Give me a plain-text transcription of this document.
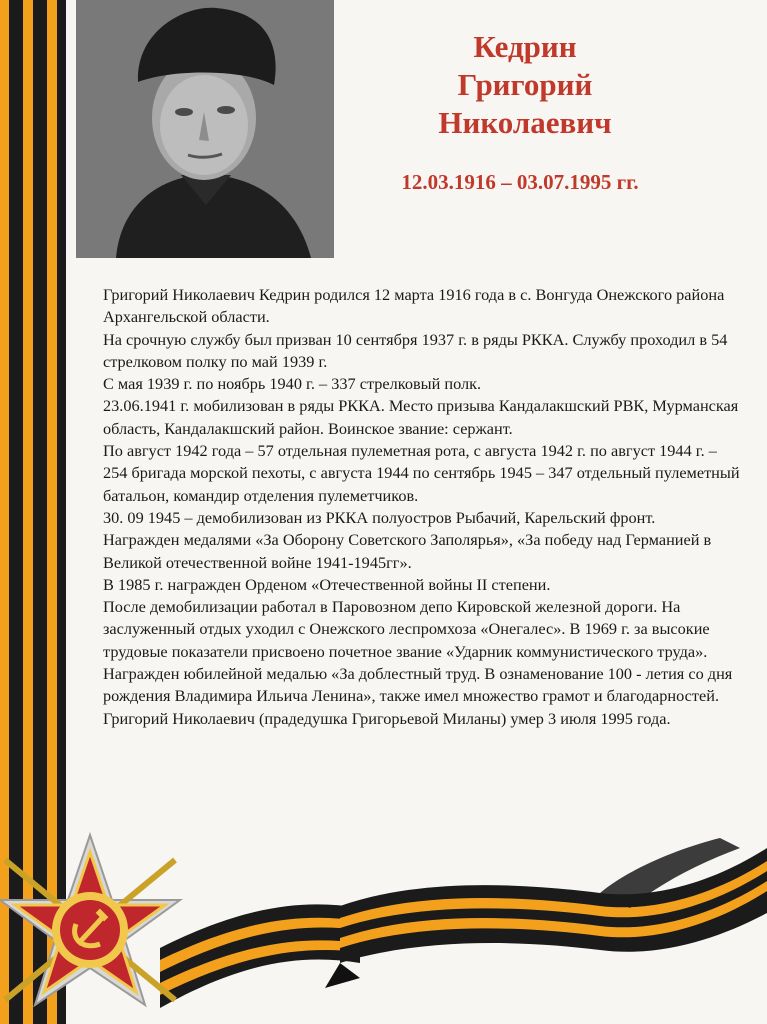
Кедрин
Григорий
Николаевич
12.03.1916 – 03.07.1995 гг.

Григорий Николаевич Кедрин родился 12 марта 1916 года в с. Вонгуда Онежского района Архангельской области.

На срочную службу был призван 10 сентября 1937 г. в ряды РККА. Службу проходил в 54 стрелковом полку по май 1939 г.

С мая 1939 г. по ноябрь 1940 г. – 337 стрелковый полк.

23.06.1941 г. мобилизован в ряды РККА. Место призыва Кандалакшский РВК, Мурманская область, Кандалакшский район. Воинское звание: сержант.

По август 1942 года – 57 отдельная пулеметная рота, с августа 1942 г. по август 1944 г. – 254 бригада морской пехоты, с августа 1944 по сентябрь 1945 – 347 отдельный пулеметный батальон, командир отделения пулеметчиков.

30. 09 1945 – демобилизован из РККА полуостров Рыбачий, Карельский фронт.

Награжден медалями «За Оборону Советского Заполярья», «За победу над Германией в Великой отечественной войне 1941-1945гг».

В 1985 г. награжден Орденом «Отечественной войны II степени.

После демобилизации работал в Паровозном депо Кировской железной дороги. На заслуженный отдых уходил с Онежского леспромхоза «Онегалес». В 1969 г. за высокие трудовые показатели присвоено почетное звание «Ударник коммунистического труда». Награжден юбилейной медалью «За доблестный труд. В ознаменование 100 - летия со дня рождения Владимира Ильича Ленина», также имел множество грамот и благодарностей.

Григорий Николаевич (прадедушка Григорьевой Миланы) умер 3 июля 1995 года.
